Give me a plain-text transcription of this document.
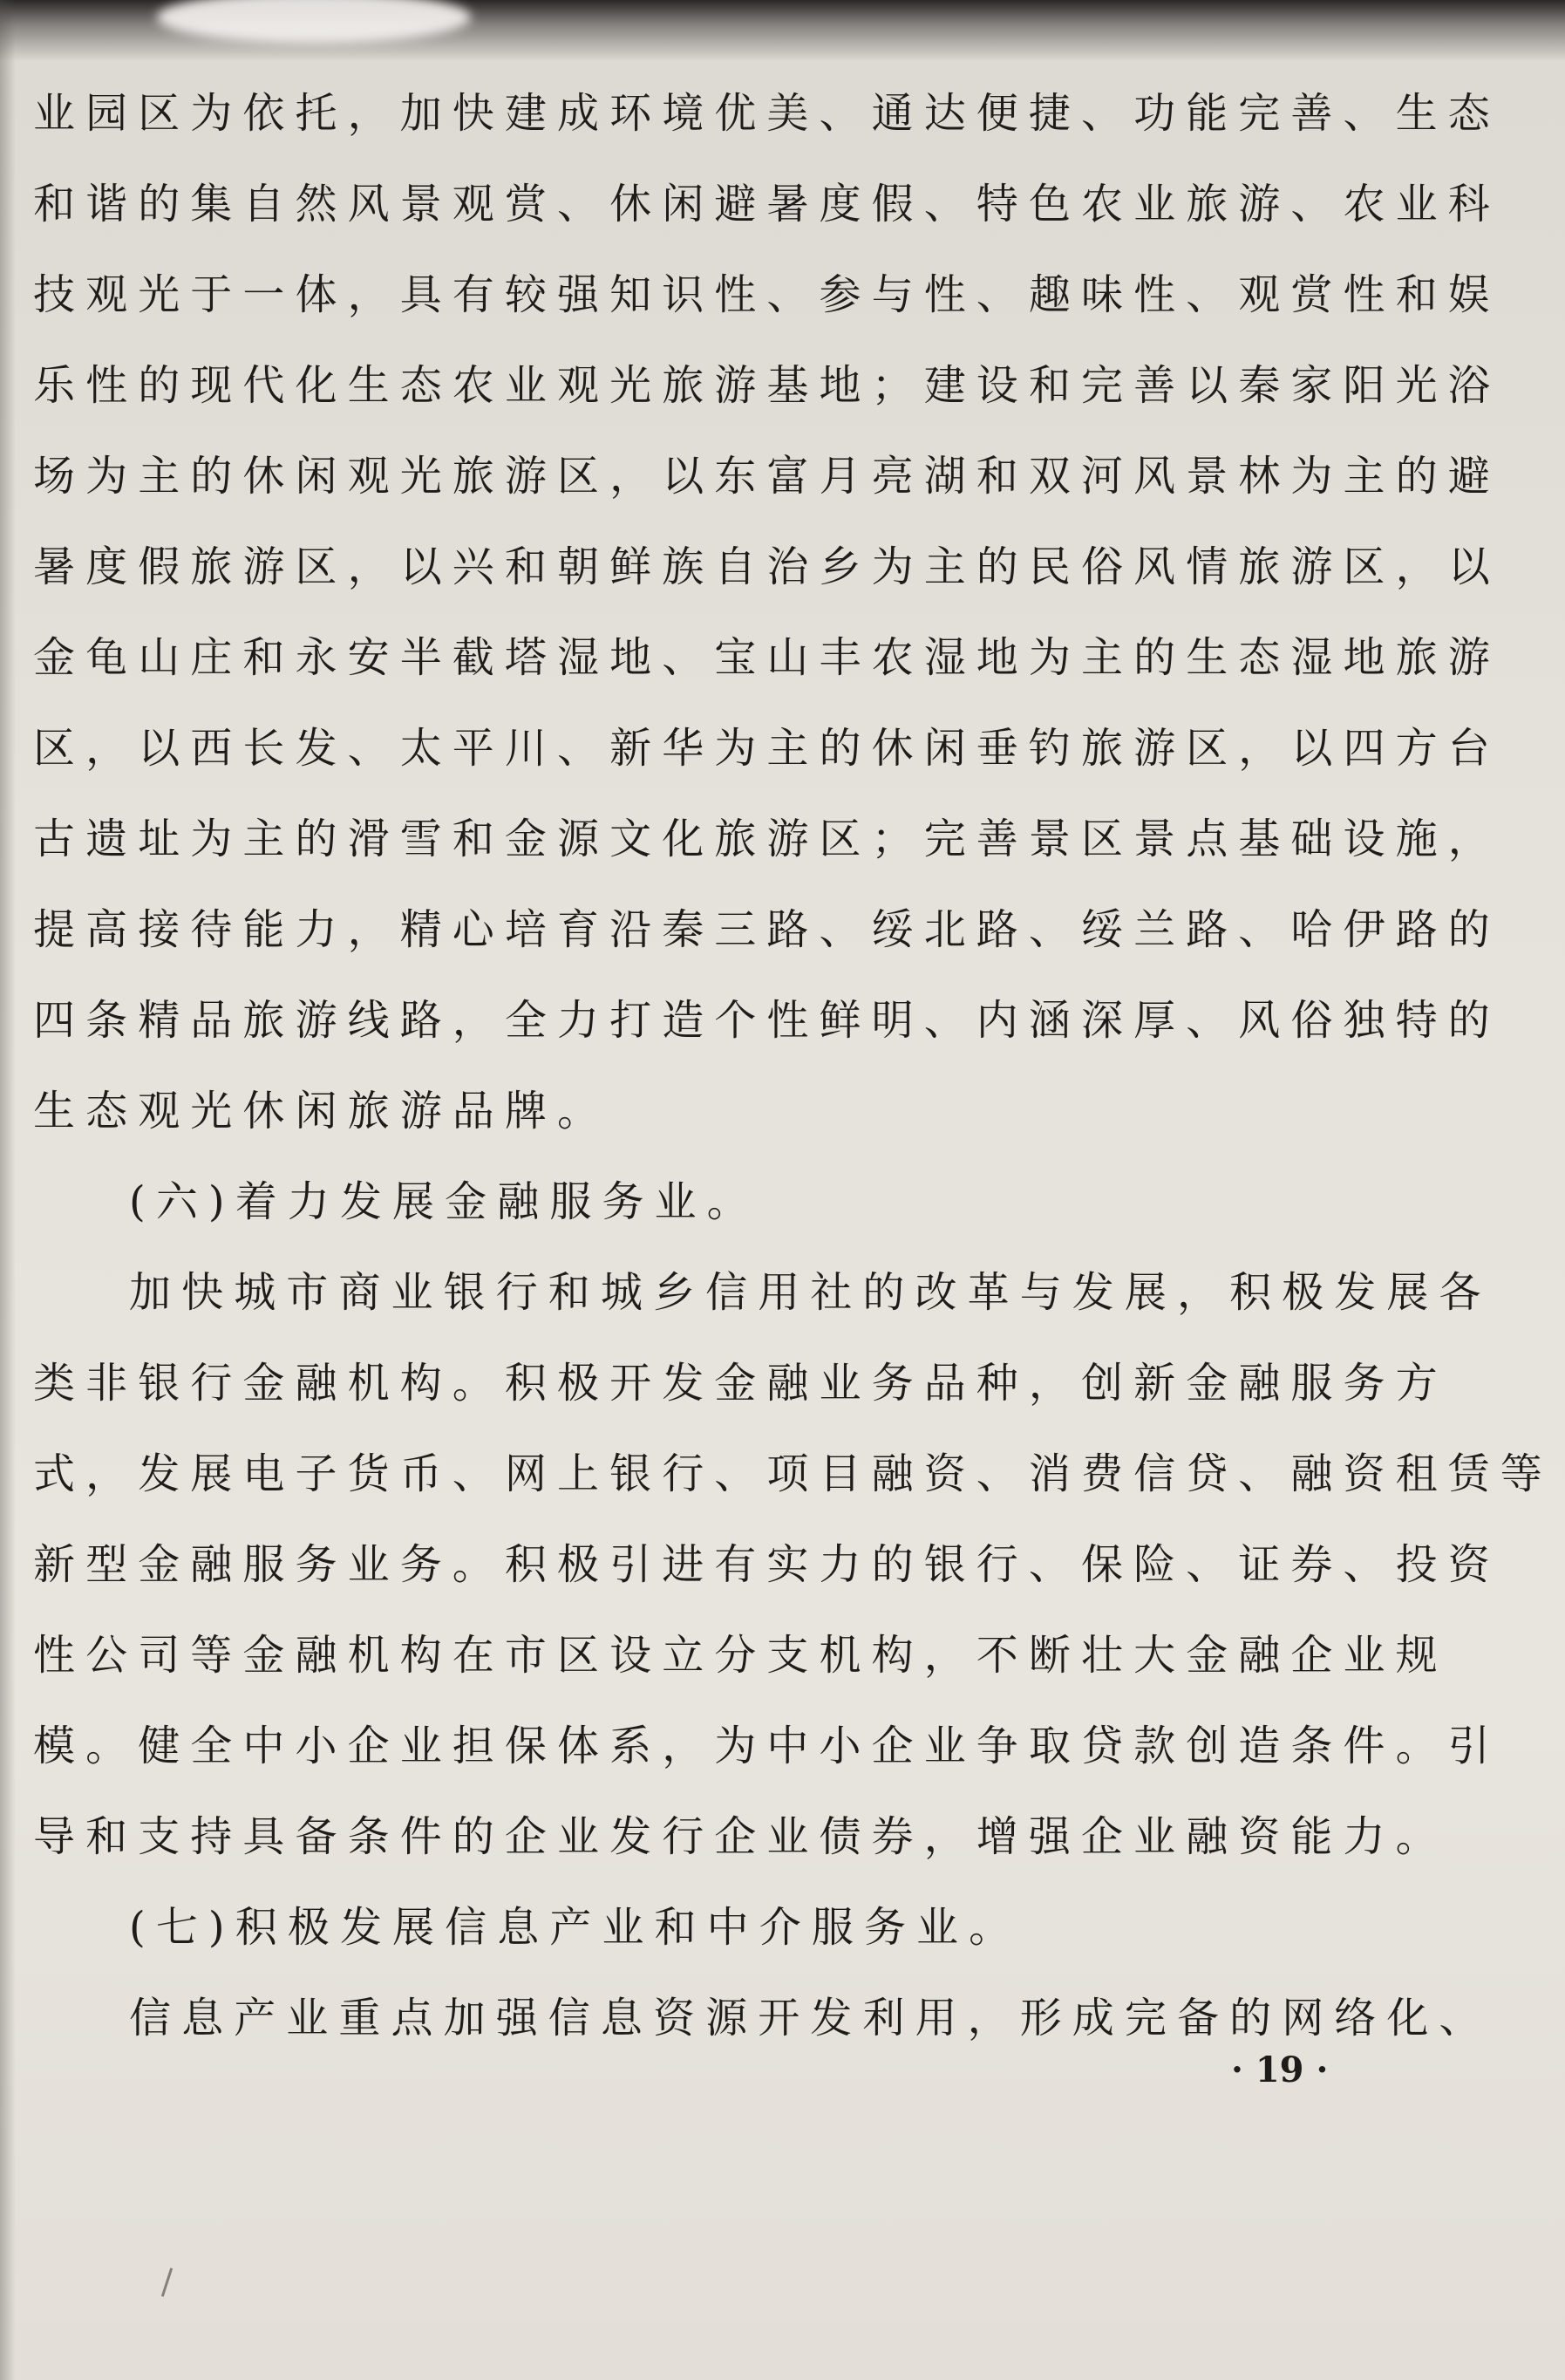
业园区为依托，加快建成环境优美、通达便捷、功能完善、生态

和谐的集自然风景观赏、休闲避暑度假、特色农业旅游、农业科

技观光于一体，具有较强知识性、参与性、趣味性、观赏性和娱

乐性的现代化生态农业观光旅游基地；建设和完善以秦家阳光浴

场为主的休闲观光旅游区，以东富月亮湖和双河风景林为主的避

暑度假旅游区，以兴和朝鲜族自治乡为主的民俗风情旅游区，以

金龟山庄和永安半截塔湿地、宝山丰农湿地为主的生态湿地旅游

区，以西长发、太平川、新华为主的休闲垂钓旅游区，以四方台

古遗址为主的滑雪和金源文化旅游区；完善景区景点基础设施，

提高接待能力，精心培育沿秦三路、绥北路、绥兰路、哈伊路的

四条精品旅游线路，全力打造个性鲜明、内涵深厚、风俗独特的

生态观光休闲旅游品牌。

(六)着力发展金融服务业。

加快城市商业银行和城乡信用社的改革与发展，积极发展各

类非银行金融机构。积极开发金融业务品种，创新金融服务方

式，发展电子货币、网上银行、项目融资、消费信贷、融资租赁等

新型金融服务业务。积极引进有实力的银行、保险、证券、投资

性公司等金融机构在市区设立分支机构，不断壮大金融企业规

模。健全中小企业担保体系，为中小企业争取贷款创造条件。引

导和支持具备条件的企业发行企业债券，增强企业融资能力。

(七)积极发展信息产业和中介服务业。

信息产业重点加强信息资源开发利用，形成完备的网络化、

· 19 ·
